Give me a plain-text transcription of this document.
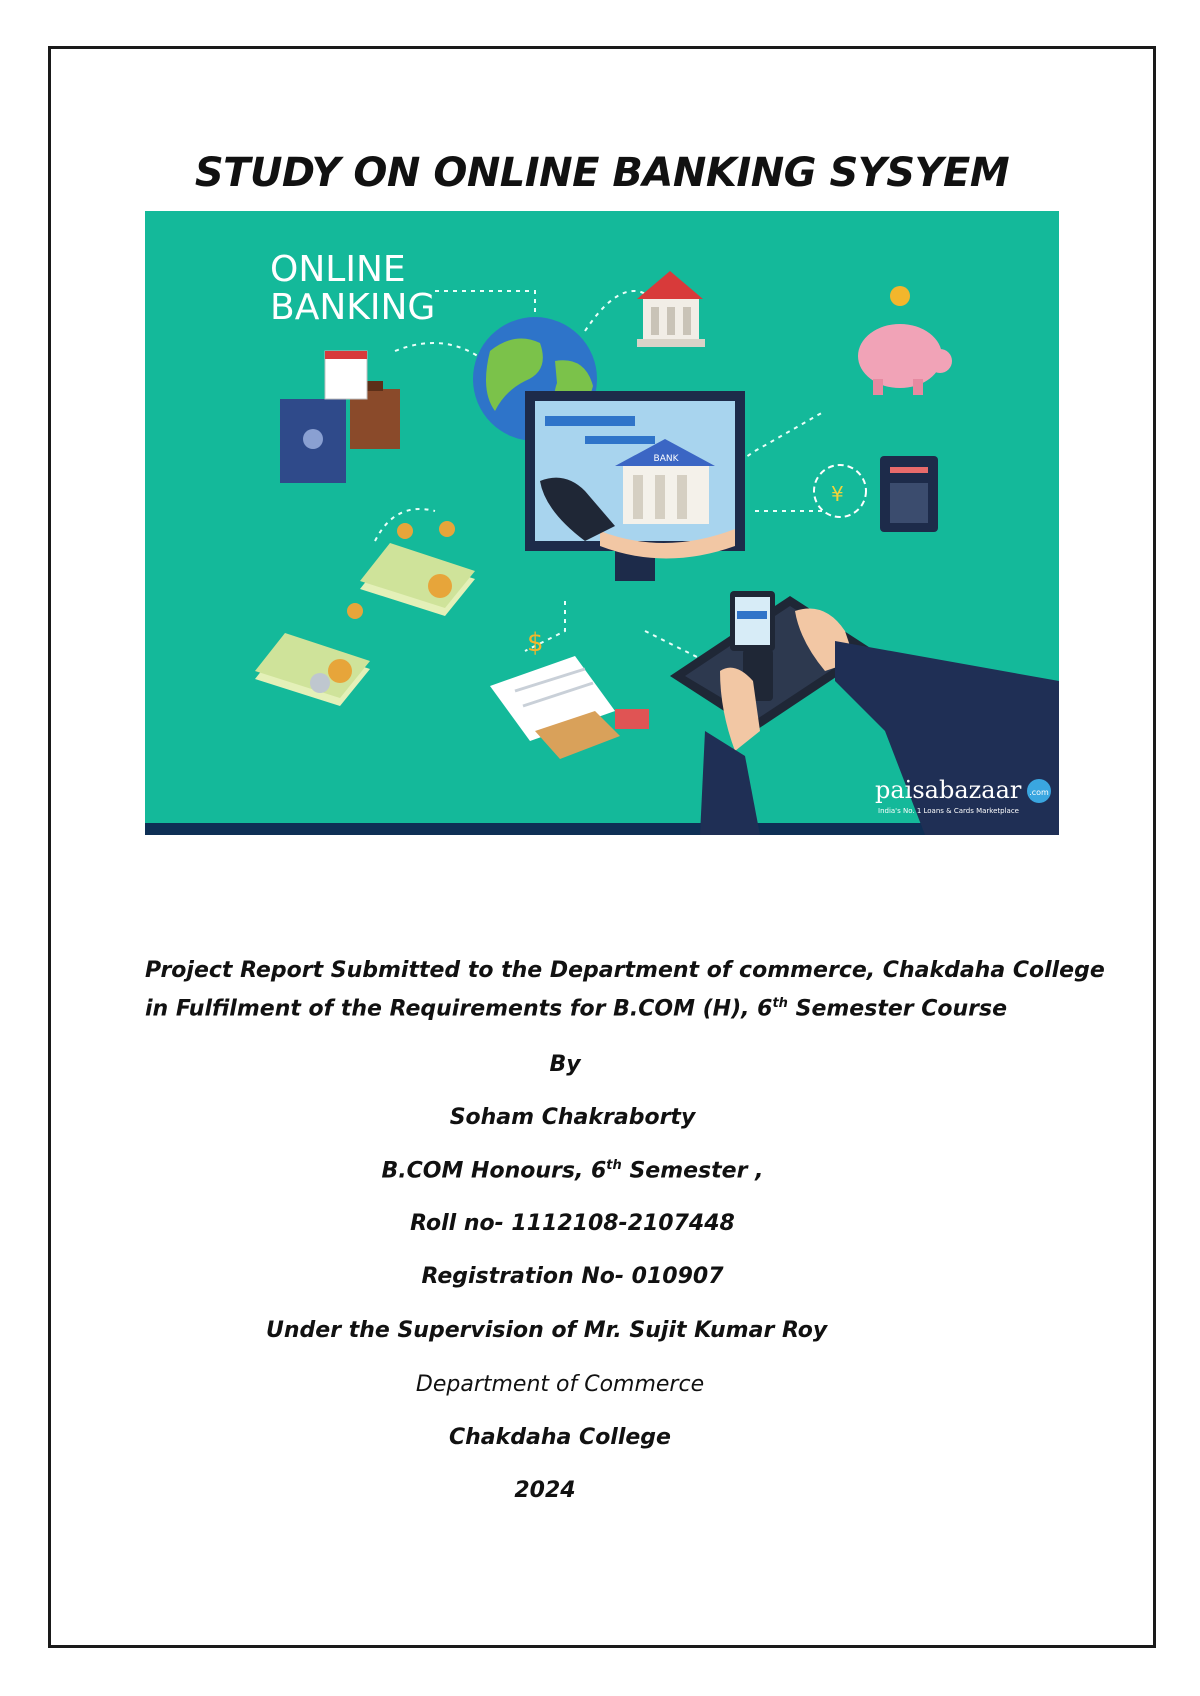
STUDY ON ONLINE BANKING SYSYEM
ONLINE
BANKING
BANK
¥
$
paisabazaar .com
India's No. 1 Loans & Cards Marketplace

Project Report Submitted to the Department of commerce, Chakdaha College

in Fulfilment of the Requirements for B.COM (H), 6th Semester Course

By

Soham Chakraborty

B.COM Honours, 6th Semester ,

Roll no- 1112108-2107448

Registration No- 010907

Under the Supervision of Mr. Sujit Kumar Roy

Department of Commerce

Chakdaha College

2024
